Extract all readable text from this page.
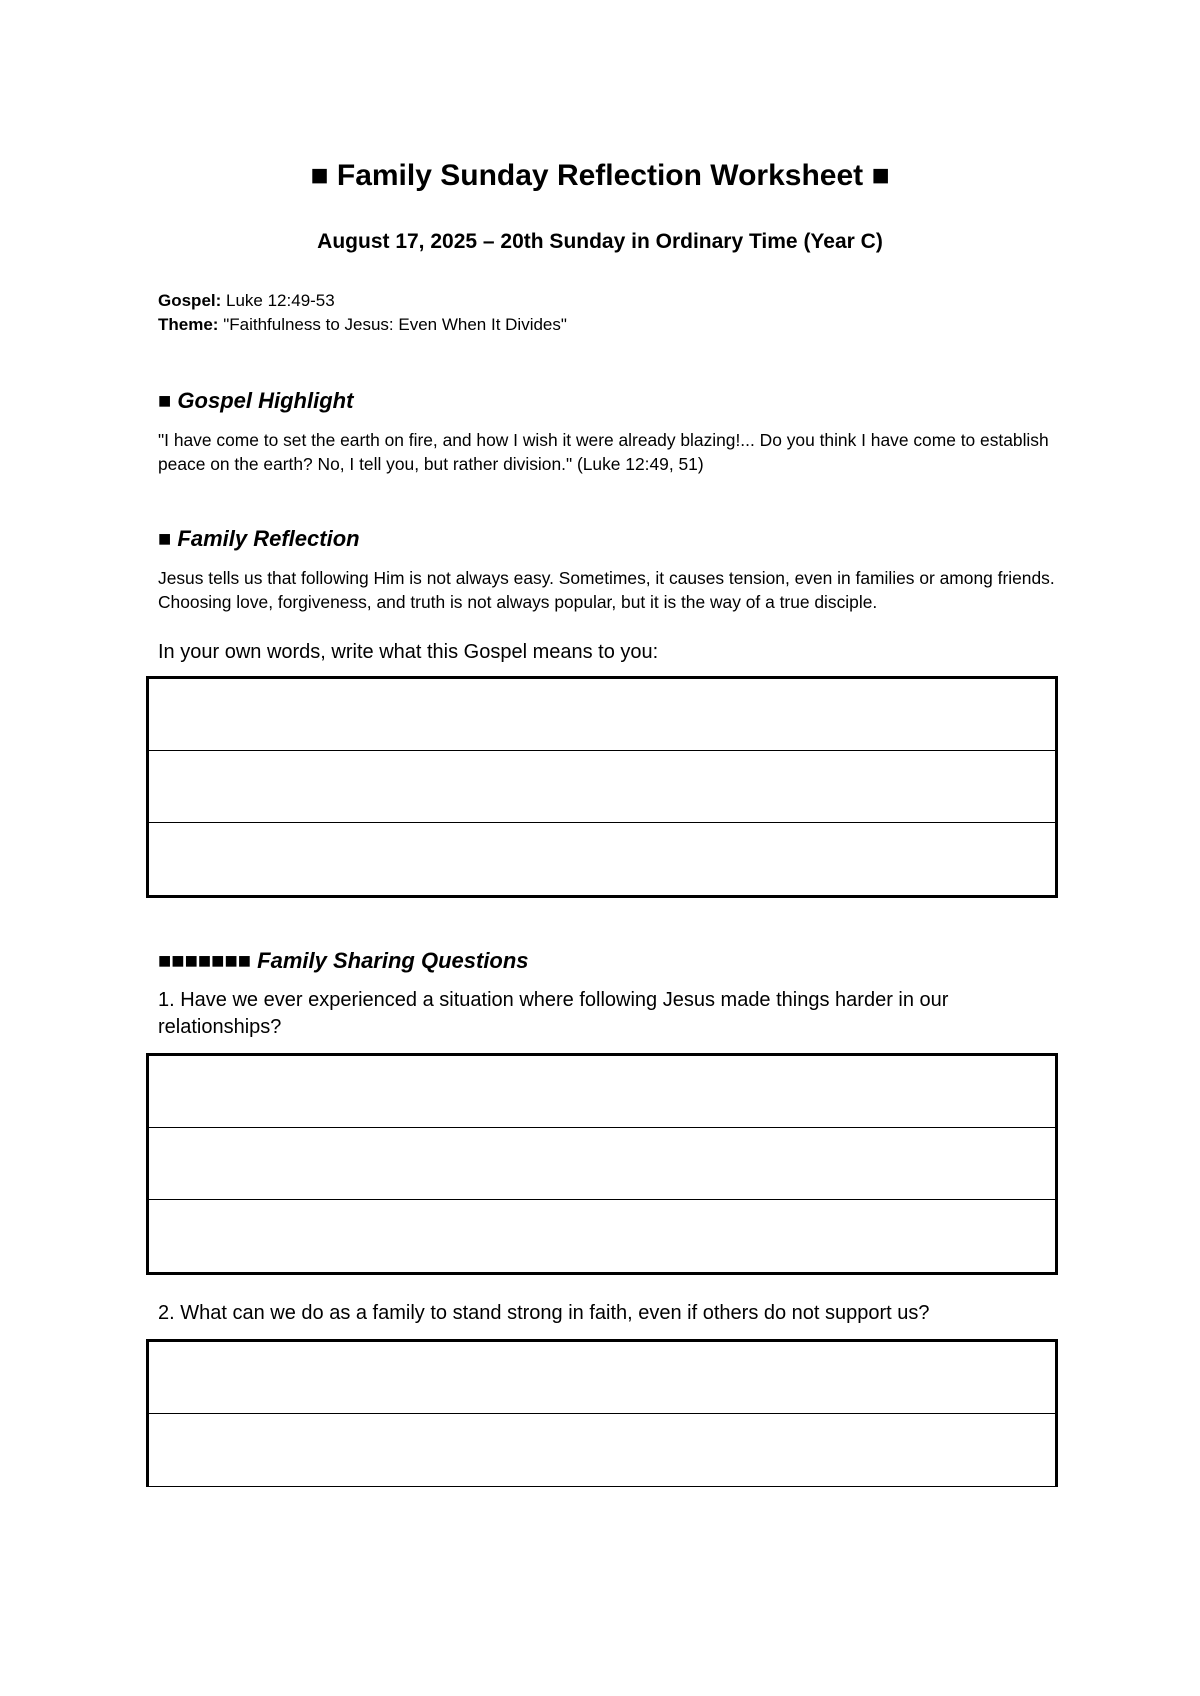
■ Family Sunday Reflection Worksheet ■
August 17, 2025 – 20th Sunday in Ordinary Time (Year C)
Gospel: Luke 12:49-53
Theme: "Faithfulness to Jesus: Even When It Divides"
■ Gospel Highlight
"I have come to set the earth on fire, and how I wish it were already blazing!... Do you think I have come to establish peace on the earth? No, I tell you, but rather division." (Luke 12:49, 51)
■ Family Reflection
Jesus tells us that following Him is not always easy. Sometimes, it causes tension, even in families or among friends. Choosing love, forgiveness, and truth is not always popular, but it is the way of a true disciple.
In your own words, write what this Gospel means to you:
■■■■■■■ Family Sharing Questions
1. Have we ever experienced a situation where following Jesus made things harder in our relationships?
2. What can we do as a family to stand strong in faith, even if others do not support us?
